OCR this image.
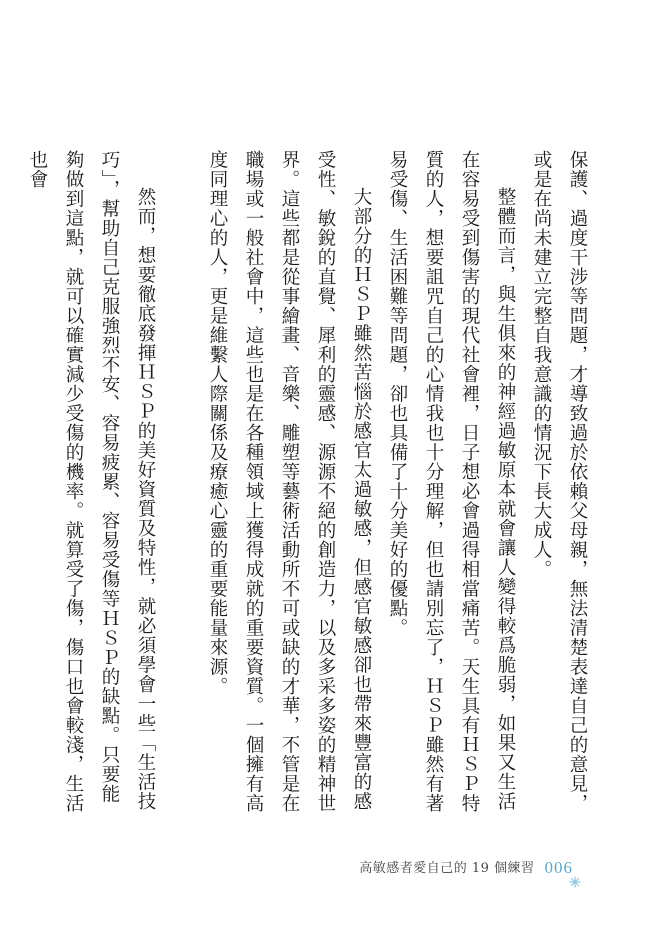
保護、過度干涉等問題，才導致過於依賴父母親，無法清楚表達自己的意見，或是在尚未建立完整自我意識的情況下長大成人。

整體而言，與生俱來的神經過敏原本就會讓人變得較爲脆弱，如果又生活在容易受到傷害的現代社會裡，日子想必會過得相當痛苦。天生具有ＨＳＰ特質的人，想要詛咒自己的心情我也十分理解，但也請別忘了，ＨＳＰ雖然有著易受傷、生活困難等問題，卻也具備了十分美好的優點。

大部分的ＨＳＰ雖然苦惱於感官太過敏感，但感官敏感卻也帶來豐富的感受性、敏銳的直覺、犀利的靈感、源源不絕的創造力，以及多采多姿的精神世界。這些都是從事繪畫、音樂、雕塑等藝術活動所不可或缺的才華，不管是在職場或一般社會中，這些也是在各種領域上獲得成就的重要資質。一個擁有高度同理心的人，更是維繫人際關係及療癒心靈的重要能量來源。

然而，想要徹底發揮ＨＳＰ的美好資質及特性，就必須學會一些「生活技巧」，幫助自己克服強烈不安、容易疲累、容易受傷等ＨＳＰ的缺點。只要能夠做到這點，就可以確實減少受傷的機率。就算受了傷，傷口也會較淺，生活也會

高敏感者愛自己的 19 個練習 006
